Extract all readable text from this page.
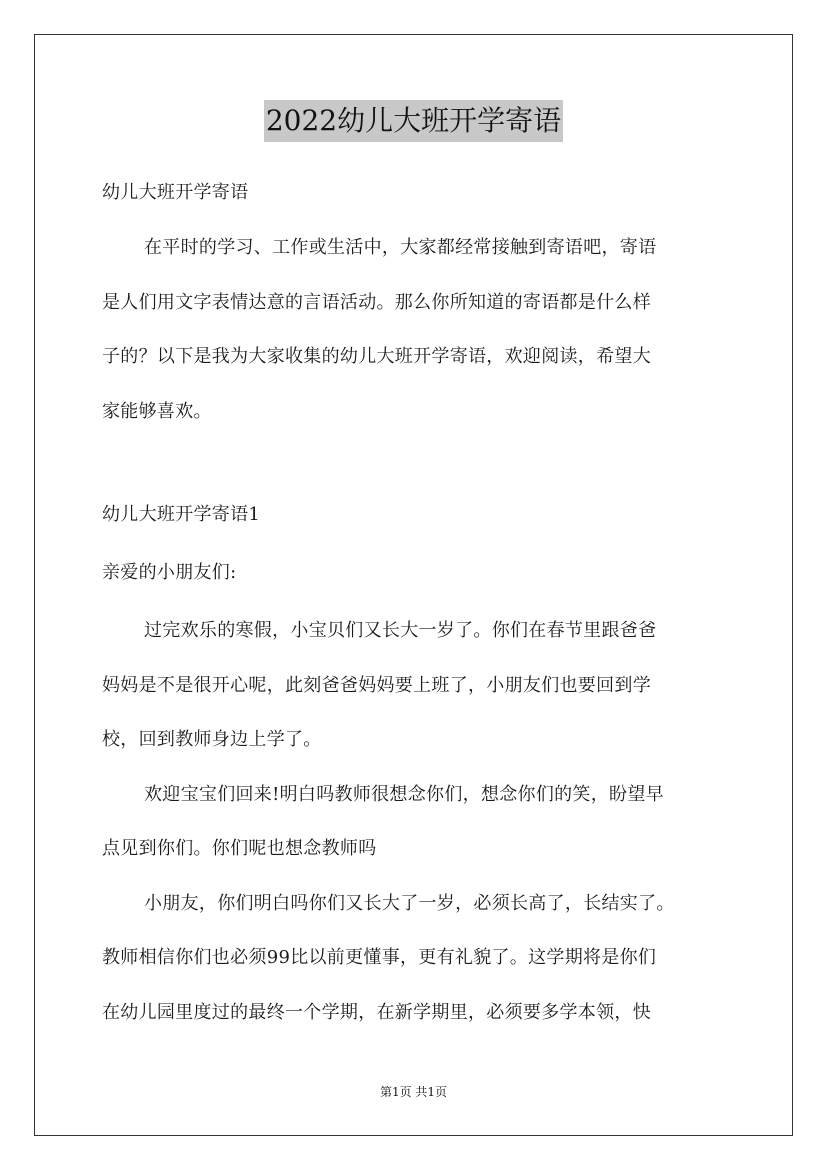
2022幼儿大班开学寄语
幼儿大班开学寄语
在平时的学习、工作或生活中，大家都经常接触到寄语吧，寄语
是人们用文字表情达意的言语活动。那么你所知道的寄语都是什么样
子的？以下是我为大家收集的幼儿大班开学寄语，欢迎阅读，希望大
家能够喜欢。
幼儿大班开学寄语1
亲爱的小朋友们:
过完欢乐的寒假，小宝贝们又长大一岁了。你们在春节里跟爸爸
妈妈是不是很开心呢，此刻爸爸妈妈要上班了，小朋友们也要回到学
校，回到教师身边上学了。
欢迎宝宝们回来!明白吗教师很想念你们，想念你们的笑，盼望早
点见到你们。你们呢也想念教师吗
小朋友，你们明白吗你们又长大了一岁，必须长高了，长结实了。
教师相信你们也必须99比以前更懂事，更有礼貌了。这学期将是你们
在幼儿园里度过的最终一个学期，在新学期里，必须要多学本领，快
第1页 共1页
